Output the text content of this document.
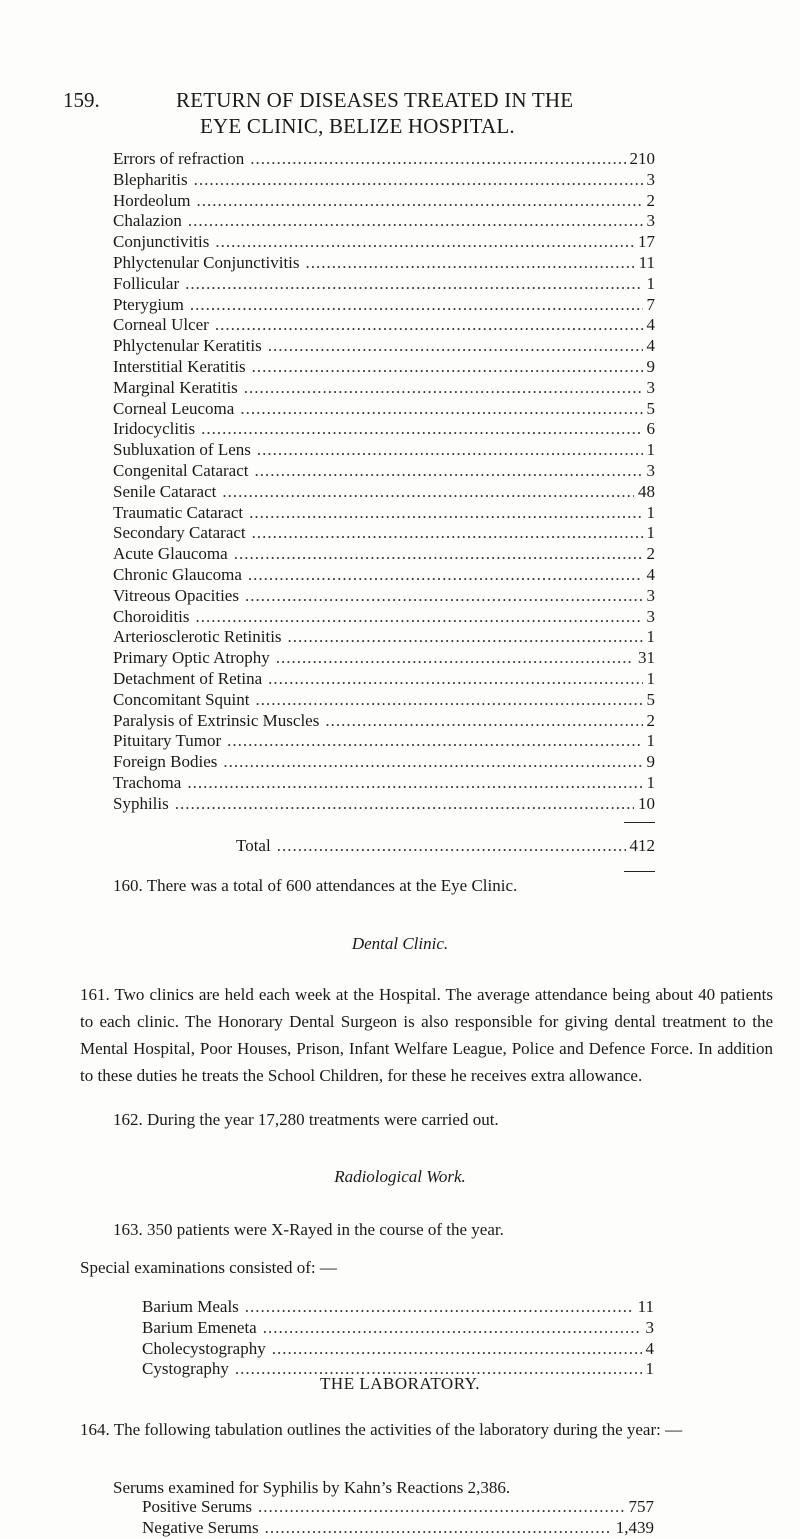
159.	RETURN OF DISEASES TREATED IN THE
EYE CLINIC, BELIZE HOSPITAL.
Errors of refraction .....	210
Blepharitis .....	3
Hordeolum .....	2
Chalazion .....	3
Conjunctivitis .....	17
Phlyctenular Conjunctivitis .....	11
Follicular .....	1
Pterygium .....	7
Corneal Ulcer .....	4
Phlyctenular Keratitis .....	4
Interstitial Keratitis .....	9
Marginal Keratitis .....	3
Corneal Leucoma .....	5
Iridocyclitis .....	6
Subluxation of Lens .....	1
Congenital Cataract .....	3
Senile Cataract .....	48
Traumatic Cataract .....	1
Secondary Cataract .....	1
Acute Glaucoma .....	2
Chronic Glaucoma .....	4
Vitreous Opacities .....	3
Choroiditis .....	3
Arteriosclerotic Retinitis .....	1
Primary Optic Atrophy .....	31
Detachment of Retina .....	1
Concomitant Squint .....	5
Paralysis of Extrinsic Muscles .....	2
Pituitary Tumor .....	1
Foreign Bodies .....	9
Trachoma .....	1
Syphilis .....	10
Total .....	412
160. There was a total of 600 attendances at the Eye Clinic.
Dental Clinic.
161. Two clinics are held each week at the Hospital. The average attendance being about 40 patients to each clinic. The Honorary Dental Surgeon is also responsible for giving dental treatment to the Mental Hospital, Poor Houses, Prison, Infant Welfare League, Police and Defence Force. In addition to these duties he treats the School Children, for these he receives extra allowance.
162. During the year 17,280 treatments were carried out.
Radiological Work.
163. 350 patients were X-Rayed in the course of the year.
Special examinations consisted of: —
Barium Meals .....	11
Barium Emeneta .....	3
Cholecystography .....	4
Cystography .....	1
THE LABORATORY.
164. The following tabulation outlines the activities of the laboratory during the year: —
Serums examined for Syphilis by Kahn’s Reactions 2,386.
Positive Serums .....	757
Negative Serums .....	1,439
